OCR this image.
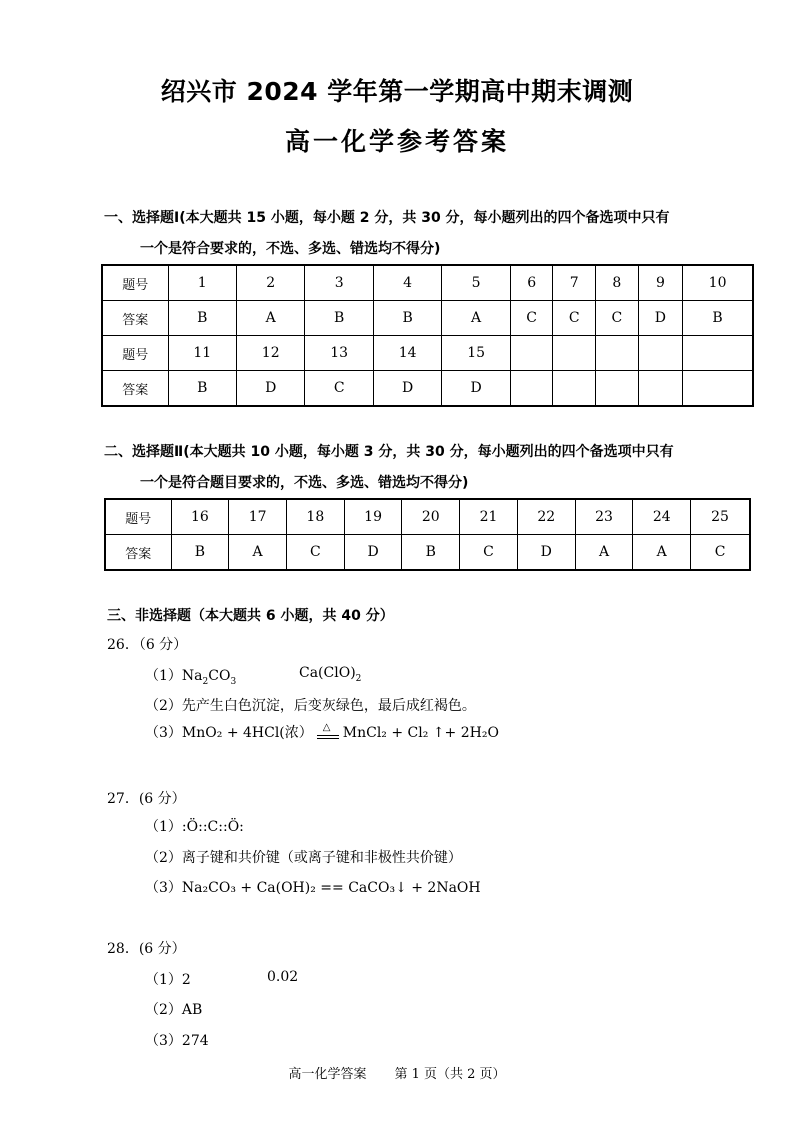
绍兴市 2024 学年第一学期高中期末调测
高一化学参考答案
一、选择题Ⅰ(本大题共 15 小题，每小题 2 分，共 30 分，每小题列出的四个备选项中只有
一个是符合要求的，不选、多选、错选均不得分)
题号	1	2	3	4	5	6	7	8	9	10
答案	B	A	B	B	A	C	C	C	D	B
题号	11	12	13	14	15					
答案	B	D	C	D	D					
二、选择题Ⅱ(本大题共 10 小题，每小题 3 分，共 30 分，每小题列出的四个备选项中只有
一个是符合题目要求的，不选、多选、错选均不得分)
题号	16	17	18	19	20	21	22	23	24	25
答案	B	A	C	D	B	C	D	A	A	C
三、非选择题（本大题共 6 小题，共 40 分）
26．（6 分）
$(1)Na_2CO_3$
$Ca(ClO)_2$
（2）先产生白色沉淀，后变灰绿色，最后成红褐色。
（3）MnO₂ + 4HCl(浓） △ MnCl₂ + Cl₂ ↑+ 2H₂O
27．(6 分）
（1）:Ö::C::Ö:
（2）离子键和共价键（或离子键和非极性共价键）
（3）Na₂CO₃ + Ca(OH)₂ == CaCO₃↓ + 2NaOH
28．(6 分）
（1）2	0.02
（2）AB
（3）274
高一化学答案 第 1 页（共 2 页）
